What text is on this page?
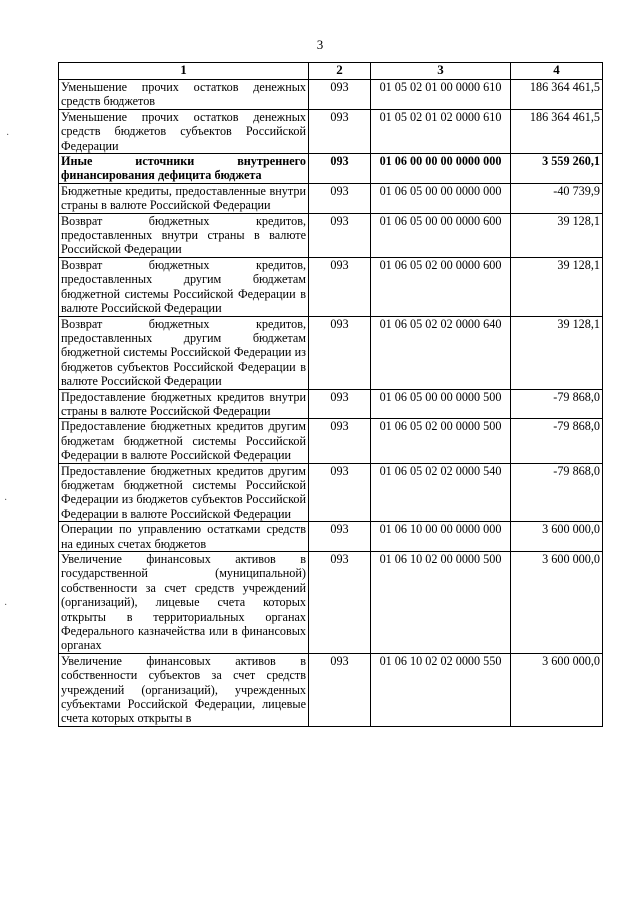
3
·
·
·
1	2	3	4
Уменьшение прочих остатков денежных средств бюджетов	093	01 05 02 01 00 0000 610	186 364 461,5
Уменьшение прочих остатков денежных средств бюджетов субъектов Российской Федерации	093	01 05 02 01 02 0000 610	186 364 461,5
Иные источники внутреннего финансирования дефицита бюджета	093	01 06 00 00 00 0000 000	3 559 260,1
Бюджетные кредиты, предоставленные внутри страны в валюте Российской Федерации	093	01 06 05 00 00 0000 000	-40 739,9
Возврат бюджетных кредитов, предоставленных внутри страны в валюте Российской Федерации	093	01 06 05 00 00 0000 600	39 128,1
Возврат бюджетных кредитов, предоставленных другим бюджетам бюджетной системы Российской Федерации в валюте Российской Федерации	093	01 06 05 02 00 0000 600	39 128,1
Возврат бюджетных кредитов, предоставленных другим бюджетам бюджетной системы Российской Федерации из бюджетов субъектов Российской Федерации в валюте Российской Федерации	093	01 06 05 02 02 0000 640	39 128,1
Предоставление бюджетных кредитов внутри страны в валюте Российской Федерации	093	01 06 05 00 00 0000 500	-79 868,0
Предоставление бюджетных кредитов другим бюджетам бюджетной системы Российской Федерации в валюте Российской Федерации	093	01 06 05 02 00 0000 500	-79 868,0
Предоставление бюджетных кредитов другим бюджетам бюджетной системы Российской Федерации из бюджетов субъектов Российской Федерации в валюте Российской Федерации	093	01 06 05 02 02 0000 540	-79 868,0
Операции по управлению остатками средств на единых счетах бюджетов	093	01 06 10 00 00 0000 000	3 600 000,0
Увеличение финансовых активов в государственной (муниципальной) собственности за счет средств учреждений (организаций), лицевые счета которых открыты в территориальных органах Федерального казначейства или в финансовых органах	093	01 06 10 02 00 0000 500	3 600 000,0
Увеличение финансовых активов в собственности субъектов за счет средств учреждений (организаций), учрежденных субъектами Российской Федерации, лицевые счета которых открыты в	093	01 06 10 02 02 0000 550	3 600 000,0
